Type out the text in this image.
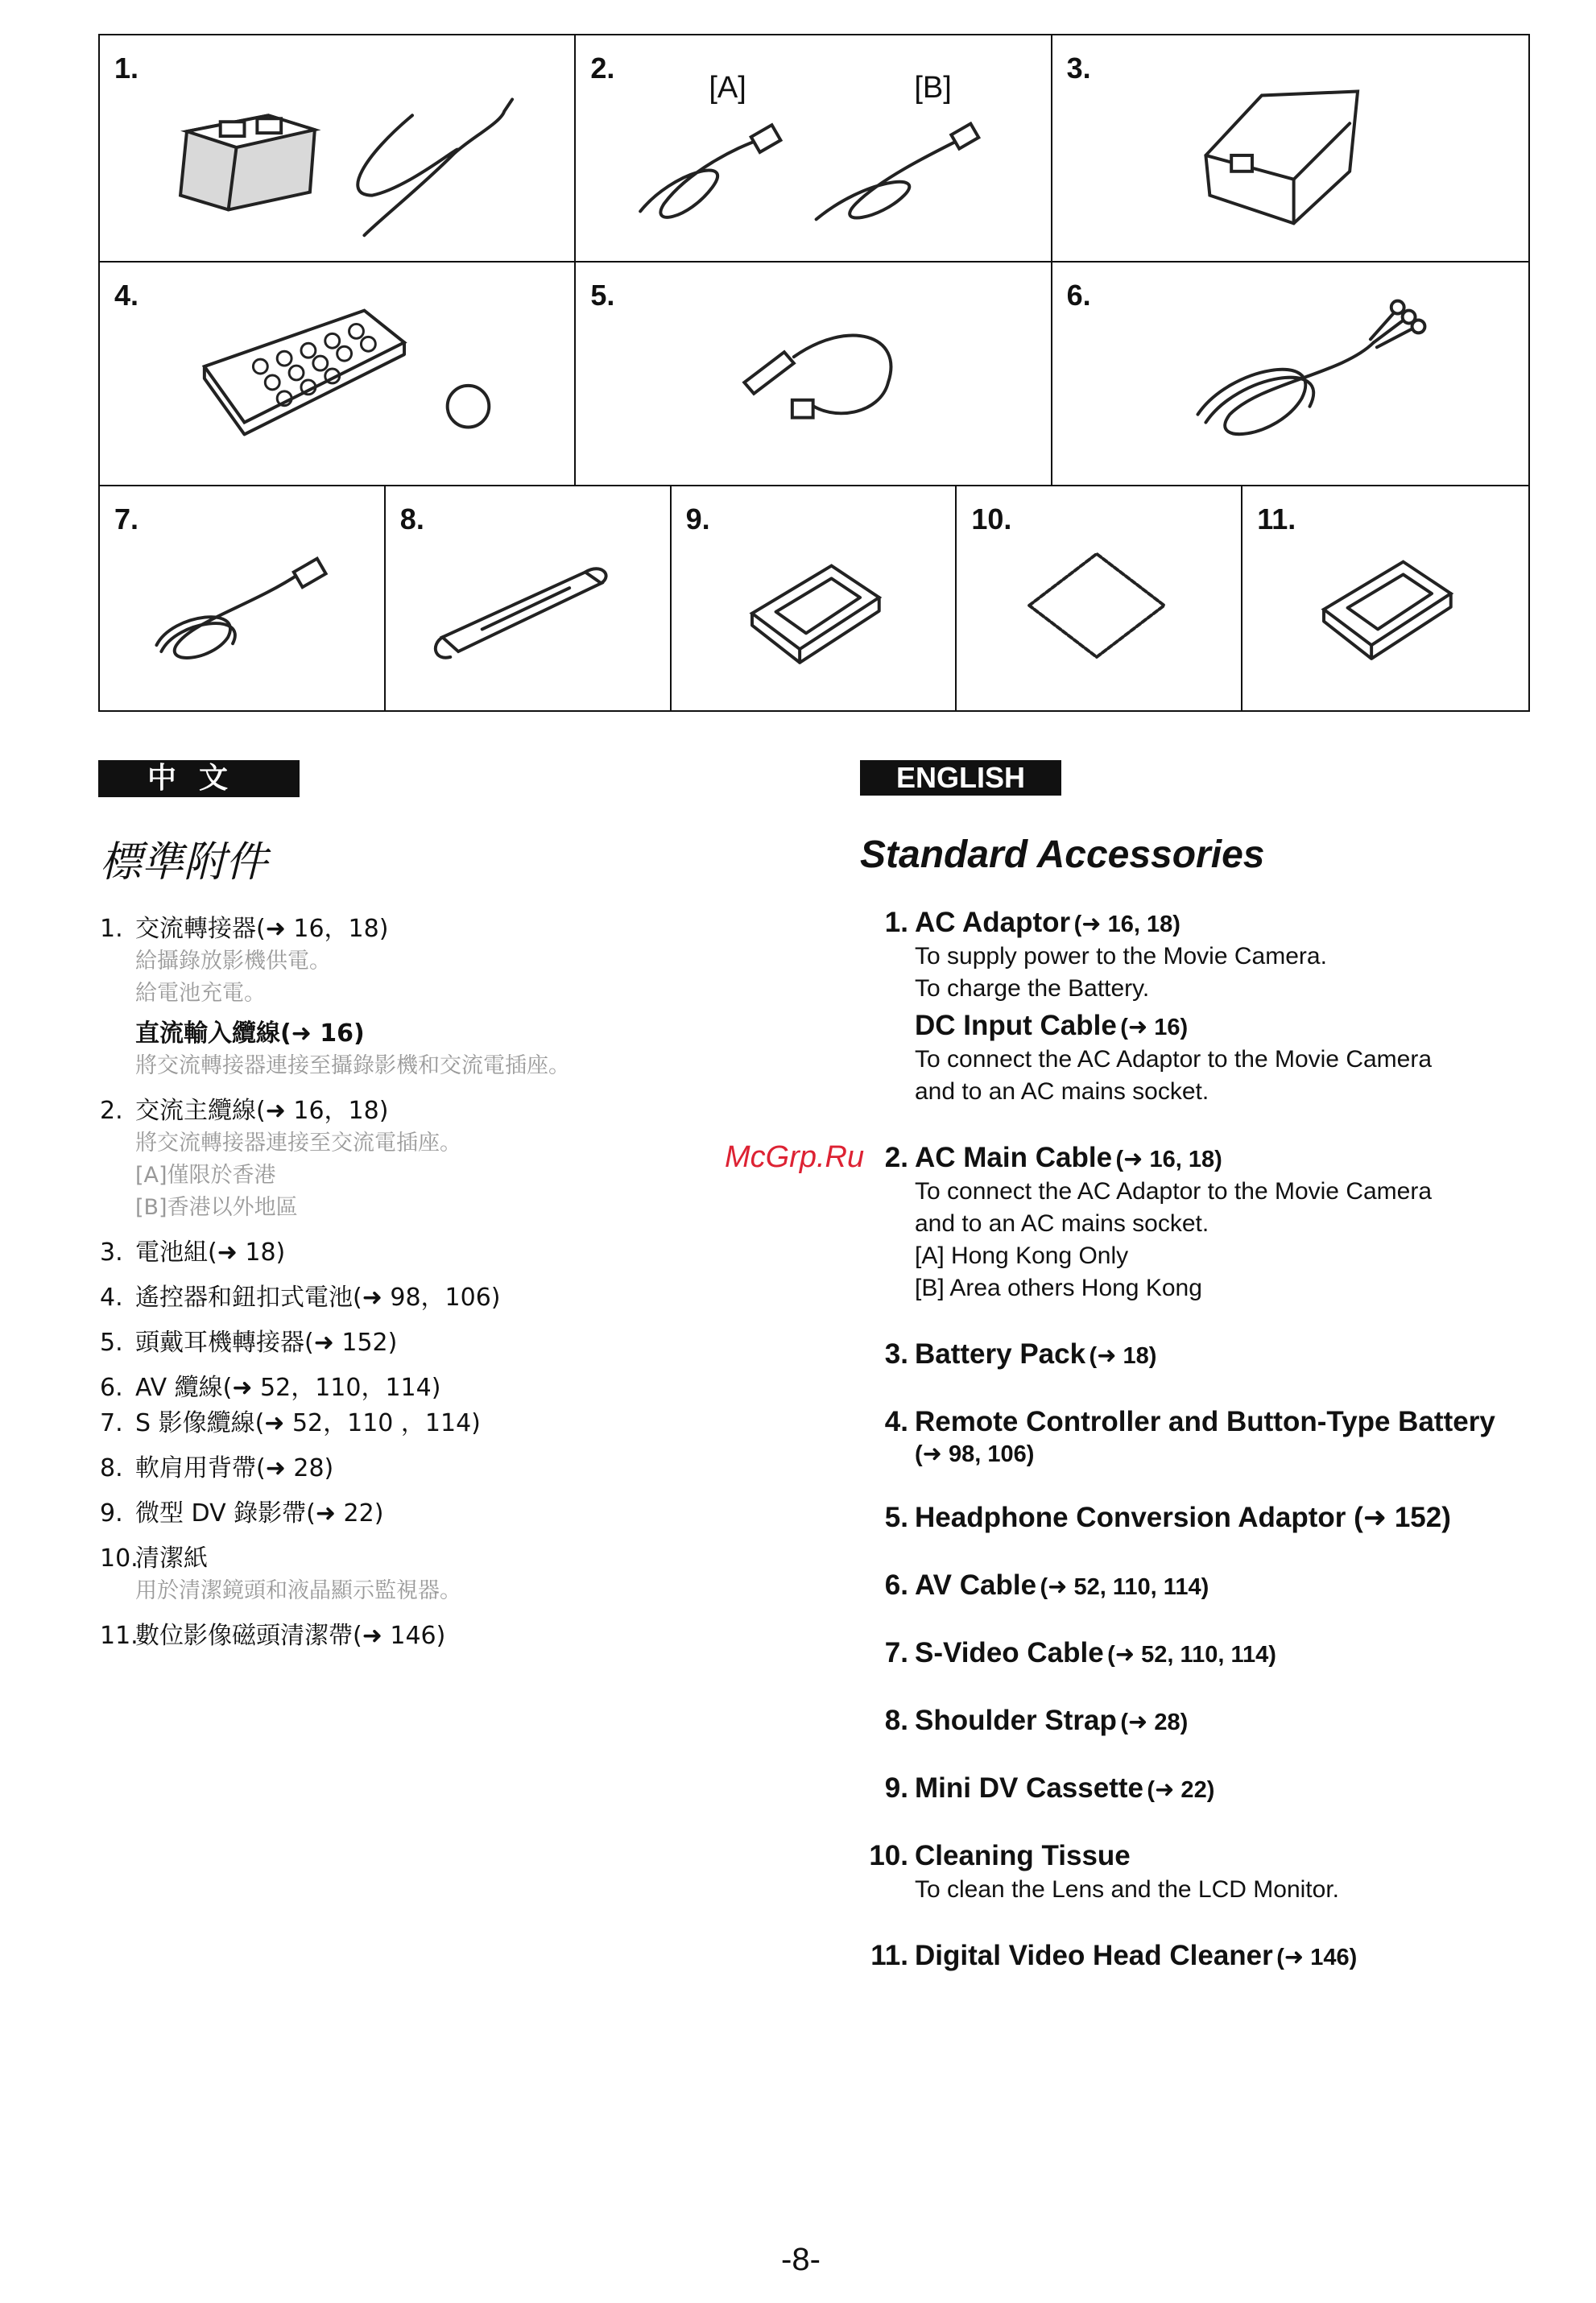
1.	2.
[A]	[B]
3.
4.	5.	6.
7.	8.	9.	10.	11.
中文	ENGLISH
標準附件	Standard Accessories
1. 交流轉接器(➜ 16，18)
給攝錄放影機供電。
給電池充電。
直流輸入纜線(➜ 16)
將交流轉接器連接至攝錄影機和交流電插座。
2. 交流主纜線(➜ 16，18)
將交流轉接器連接至交流電插座。
[A]僅限於香港
[B]香港以外地區
3. 電池組(➜ 18)
4. 遙控器和鈕扣式電池(➜ 98，106)
5. 頭戴耳機轉接器(➜ 152)
6. AV 纜線(➜ 52，110，114)
7. S 影像纜線(➜ 52，110 ，114)
8. 軟肩用背帶(➜ 28)
9. 微型 DV 錄影帶(➜ 22)
10.
清潔紙
用於清潔鏡頭和液晶顯示監視器。
11.
數位影像磁頭清潔帶(➜ 146)
1. AC Adaptor (➜ 16, 18)
To supply power to the Movie Camera.
To charge the Battery.
DC Input Cable (➜ 16)
To connect the AC Adaptor to the Movie Camera
and to an AC mains socket.
2. AC Main Cable (➜ 16, 18)
To connect the AC Adaptor to the Movie Camera
and to an AC mains socket.
[A] Hong Kong Only
[B] Area others Hong Kong
3. Battery Pack (➜ 18)
4. Remote Controller and Button-Type Battery (➜ 98, 106)
5. Headphone Conversion Adaptor (➜ 152)
6. AV Cable (➜ 52, 110, 114)
7. S-Video Cable (➜ 52, 110, 114)
8. Shoulder Strap (➜ 28)
9. Mini DV Cassette (➜ 22)
10. Cleaning Tissue
To clean the Lens and the LCD Monitor.
11. Digital Video Head Cleaner (➜ 146)
McGrp.Ru
-8-
